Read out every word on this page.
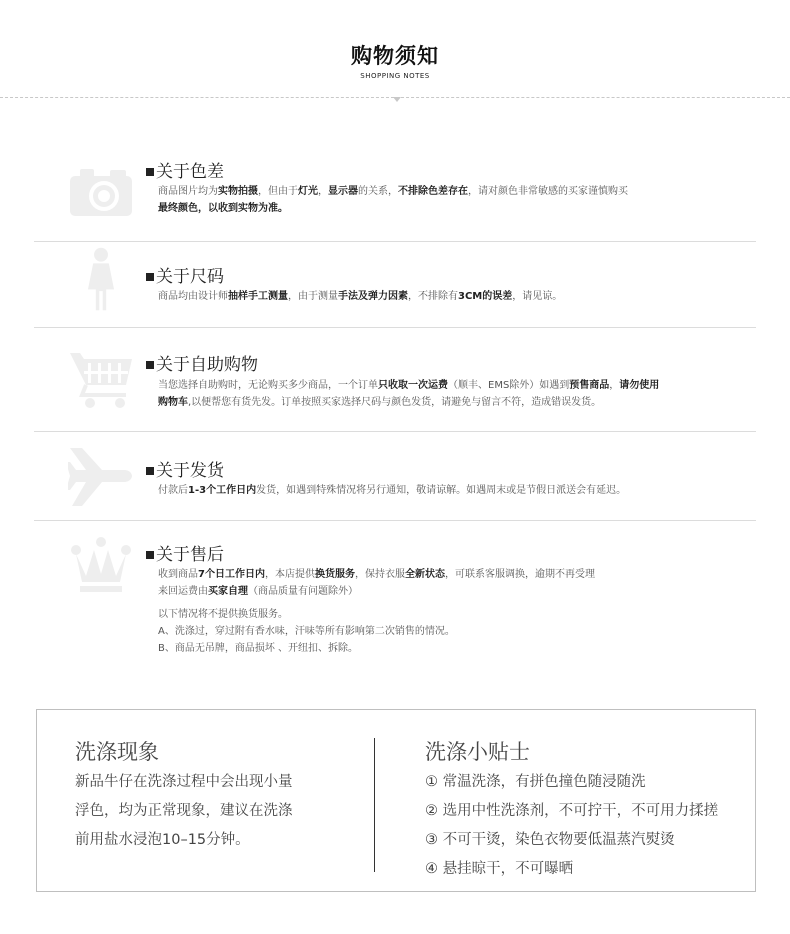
购物须知
SHOPPING NOTES
关于色差
商品图片均为实物拍摄，但由于灯光，显示器的关系，不排除色差存在，请对颜色非常敏感的买家谨慎购买
最终颜色，以收到实物为准。
关于尺码
商品均由设计师抽样手工测量，由于测量手法及弹力因素，不排除有3CM的误差，请见谅。
关于自助购物
当您选择自助购时，无论购买多少商品，一个订单只收取一次运费（顺丰、EMS除外）如遇到预售商品，请勿使用
购物车,以便帮您有货先发。订单按照买家选择尺码与颜色发货，请避免与留言不符，造成错误发货。
关于发货
付款后1-3个工作日内发货，如遇到特殊情况将另行通知，敬请谅解。如遇周末或是节假日派送会有延迟。
关于售后
收到商品7个日工作日内，本店提供换货服务，保持衣服全新状态，可联系客服调换，逾期不再受理
来回运费由买家自理（商品质量有问题除外）
以下情况将不提供换货服务。
A、洗涤过，穿过附有香水味，汗味等所有影响第二次销售的情况。
B、商品无吊牌，商品损坏 、开纽扣、拆除。
洗涤现象
新品牛仔在洗涤过程中会出现小量
浮色，均为正常现象，建议在洗涤
前用盐水浸泡10–15分钟。
洗涤小贴士
① 常温洗涤，有拼色撞色随浸随洗
② 选用中性洗涤剂，不可拧干，不可用力揉搓
③ 不可干烫，染色衣物要低温蒸汽熨烫
④ 悬挂晾干，不可曝晒
